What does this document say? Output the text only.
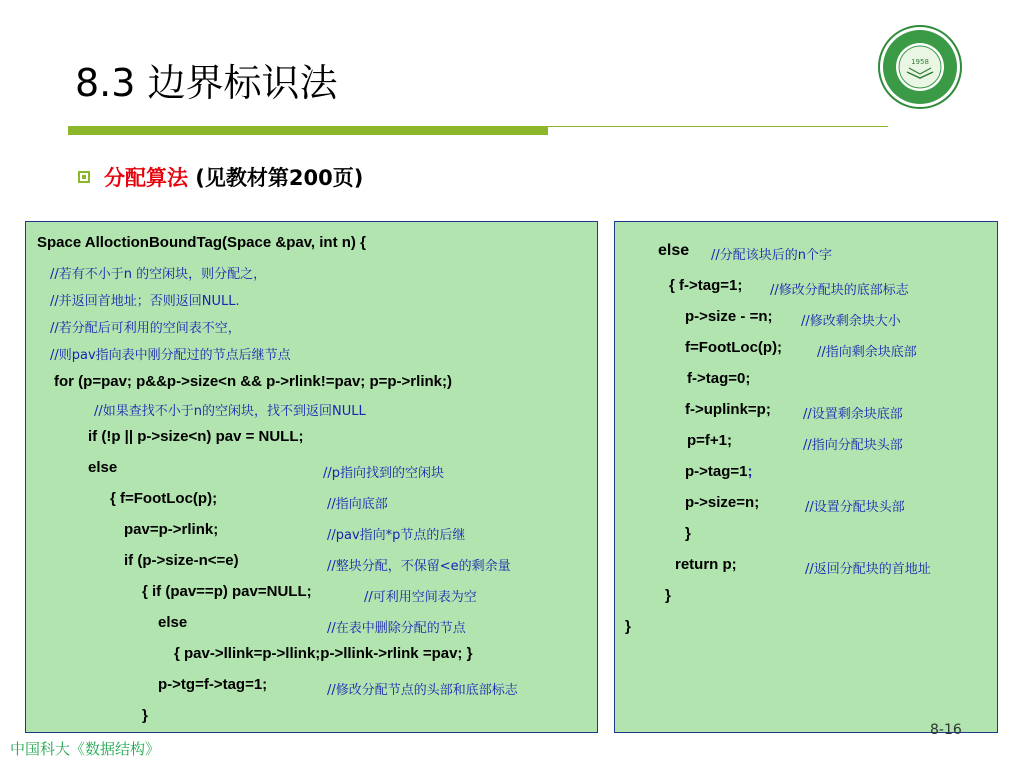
8.3 边界标识法	1958
分配算法 (见教材第200页)
Space AlloctionBoundTag(Space &pav, int n) {
//若有不小于n 的空闲块，则分配之，
//并返回首地址；否则返回NULL.
//若分配后可利用的空间表不空，
//则pav指向表中刚分配过的节点后继节点
for (p=pav; p&&p->size<n && p->rlink!=pav; p=p->rlink;)
//如果查找不小于n的空闲块，找不到返回NULL
if (!p || p->size<n) pav = NULL;
else	//p指向找到的空闲块
{ f=FootLoc(p);	//指向底部
pav=p->rlink;	//pav指向*p节点的后继
if (p->size-n<=e)	//整块分配，不保留<e的剩余量
{ if (pav==p) pav=NULL;	//可利用空间表为空
else	//在表中删除分配的节点
{ pav->llink=p->llink;p->llink->rlink =pav; }
p->tg=f->tag=1;	//修改分配节点的头部和底部标志
}
else //分配该块后的n个字
{ f->tag=1; //修改分配块的底部标志
p->size - =n; //修改剩余块大小
f=FootLoc(p);	//指向剩余块底部
f->tag=0;
f->uplink=p; //设置剩余块底部
p=f+1;	//指向分配块头部
p->tag=1;
p->size=n;	//设置分配块头部
}
return p;	//返回分配块的首地址
}
}
8-16
中国科大《数据结构》
